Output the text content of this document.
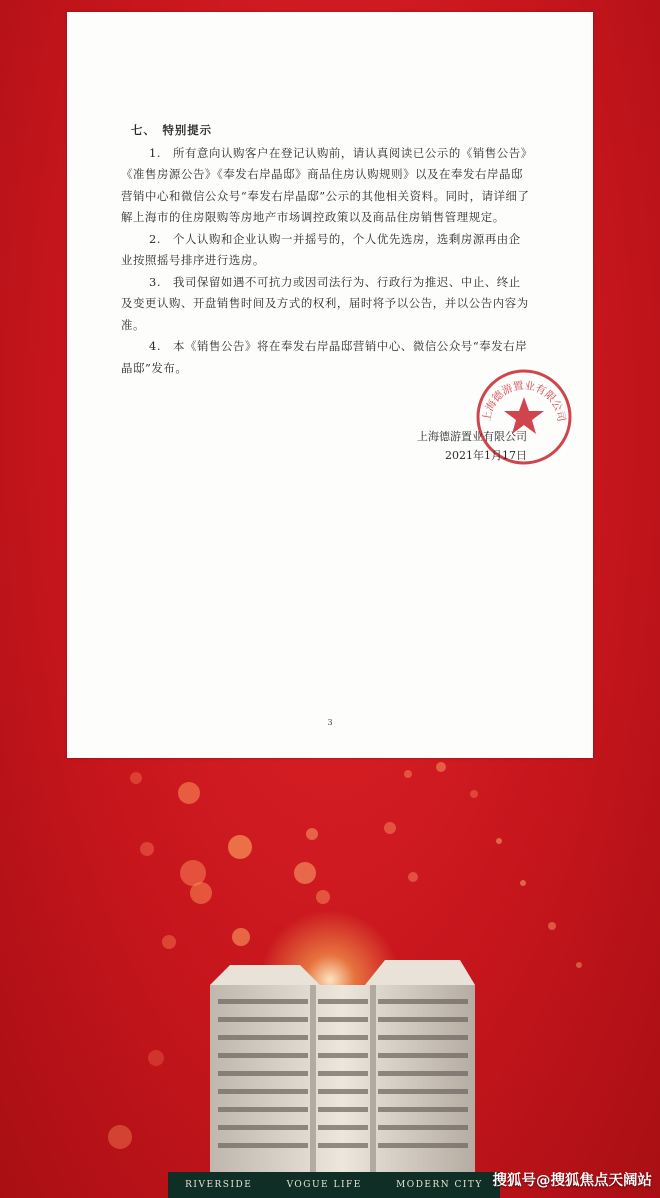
七、　特别提示

1.　所有意向认购客户在登记认购前，请认真阅读已公示的《销售公告》《准售房源公告》《奉发右岸晶邸》商品住房认购规则》以及在奉发右岸晶邸营销中心和微信公众号“奉发右岸晶邸”公示的其他相关资料。同时，请详细了解上海市的住房限购等房地产市场调控政策以及商品住房销售管理规定。

2.　个人认购和企业认购一并摇号的，个人优先选房，选剩房源再由企业按照摇号排序进行选房。

3.　我司保留如遇不可抗力或因司法行为、行政行为推迟、中止、终止及变更认购、开盘销售时间及方式的权利，届时将予以公告，并以公告内容为准。

4.　本《销售公告》将在奉发右岸晶邸营销中心、微信公众号“奉发右岸晶邸”发布。

上海德游置业有限公司
上海德游置业有限公司
2021年1月17日
3
RIVERSIDE	VOGUE LIFE	MODERN CITY 搜狐号@搜狐焦点天阔站
